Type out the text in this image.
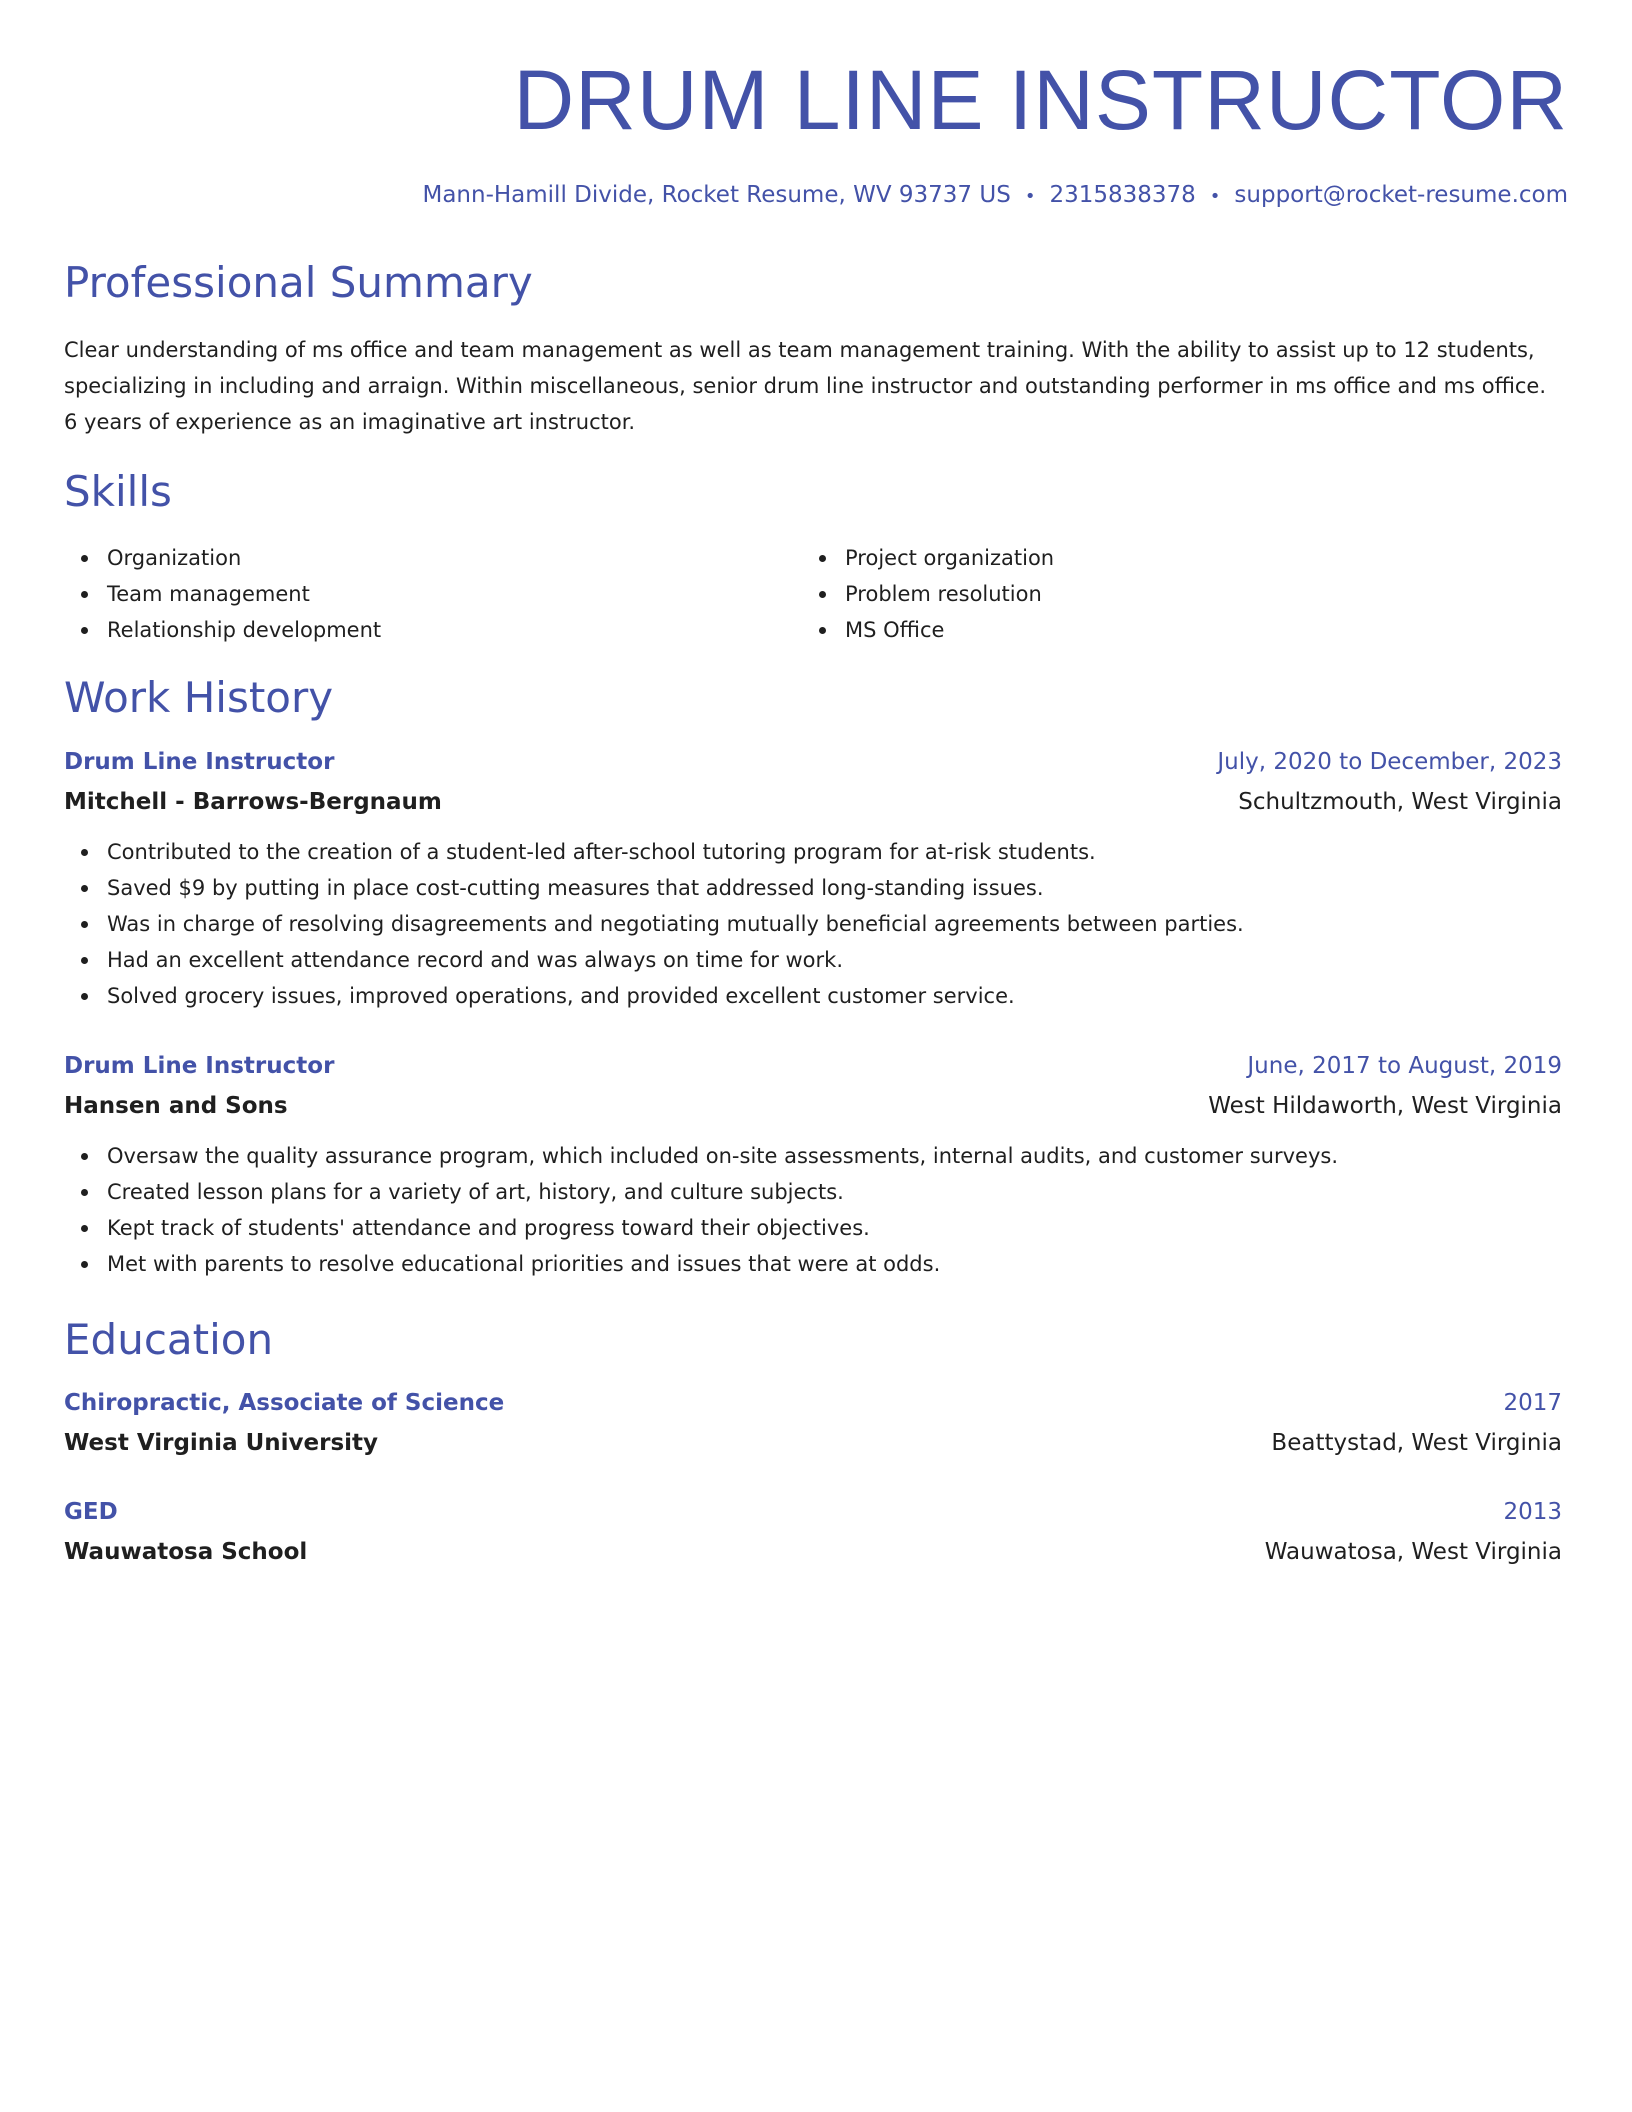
DRUM LINE INSTRUCTOR
Mann-Hamill Divide, Rocket Resume, WV 93737 US • 2315838378 • support@rocket-resume.com
Professional Summary

Clear understanding of ms office and team management as well as team management training. With the ability to assist up to 12 students, specializing in including and arraign. Within miscellaneous, senior drum line instructor and outstanding performer in ms office and ms office. 6 years of experience as an imaginative art instructor.

Skills
Organization
Team management
Relationship development
Project organization
Problem resolution
MS Office
Work History
Drum Line Instructor	July, 2020 to December, 2023
Mitchell - Barrows-Bergnaum	Schultzmouth, West Virginia
Contributed to the creation of a student-led after-school tutoring program for at-risk students.
Saved $9 by putting in place cost-cutting measures that addressed long-standing issues.
Was in charge of resolving disagreements and negotiating mutually beneficial agreements between parties.
Had an excellent attendance record and was always on time for work.
Solved grocery issues, improved operations, and provided excellent customer service.
Drum Line Instructor	June, 2017 to August, 2019
Hansen and Sons	West Hildaworth, West Virginia
Oversaw the quality assurance program, which included on-site assessments, internal audits, and customer surveys.
Created lesson plans for a variety of art, history, and culture subjects.
Kept track of students' attendance and progress toward their objectives.
Met with parents to resolve educational priorities and issues that were at odds.
Education
Chiropractic, Associate of Science	2017
West Virginia University	Beattystad, West Virginia
GED	2013
Wauwatosa School	Wauwatosa, West Virginia
